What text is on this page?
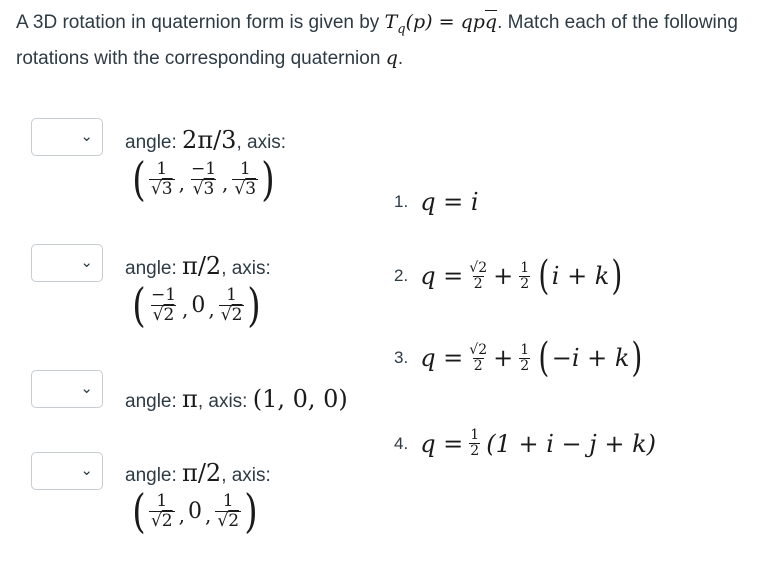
A 3D rotation in quaternion form is given by $T_q(p) = qp\overline{q}$. Match each of the following rotations with the corresponding quaternion q.
⌄ angle: 2π/3, axis:
( $\frac{1}{√3}$ , $\frac{-1}{√3}$ , $\frac{1}{√3}$ )
⌄ angle: π/2, axis:
( $\frac{-1}{√2}$ , 0 , $\frac{1}{√2}$ )
⌄
angle: π, axis: (1, 0, 0)
⌄ angle: π/2, axis:
( $\frac{1}{√2}$ , 0 , $\frac{1}{√2}$ )
1. q = i
2. $q = \frac{√2}{2} + \frac{1}{2}$ ( i + k )
3. $q = \frac{√2}{2} + \frac{1}{2}$ ( −i + k )
4. $q = \frac{1}{2} (1 + i - j + k)$
